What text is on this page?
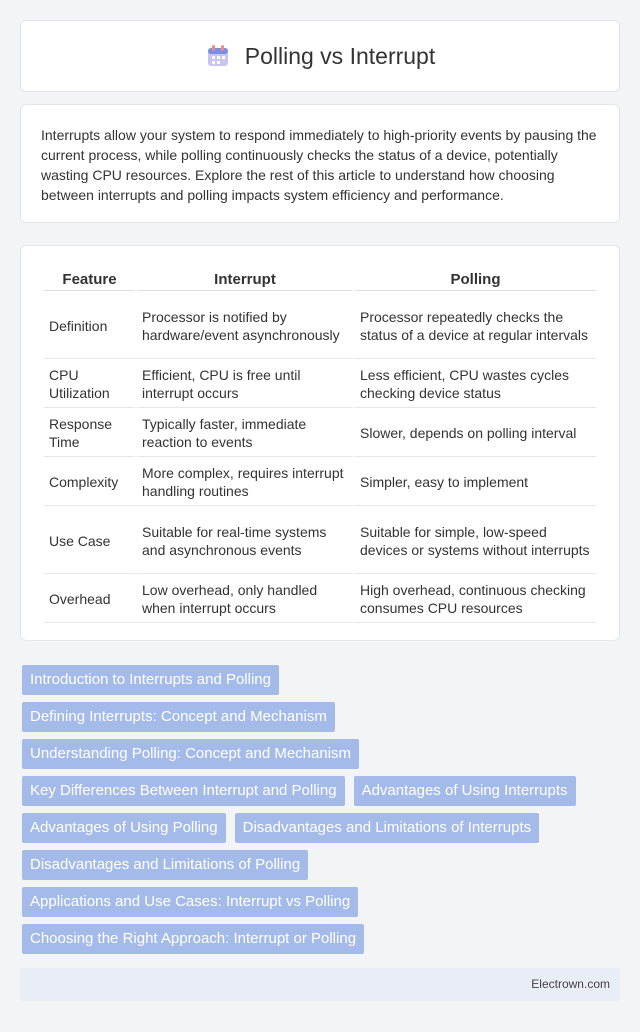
Polling vs Interrupt

Interrupts allow your system to respond immediately to high-priority events by pausing the current process, while polling continuously checks the status of a device, potentially wasting CPU resources. Explore the rest of this article to understand how choosing between interrupts and polling impacts system efficiency and performance.

Feature	Interrupt	Polling
Definition	Processor is notified by hardware/event asynchronously	Processor repeatedly checks the status of a device at regular intervals
CPU Utilization	Efficient, CPU is free until interrupt occurs	Less efficient, CPU wastes cycles checking device status
Response Time	Typically faster, immediate reaction to events	Slower, depends on polling interval
Complexity	More complex, requires interrupt handling routines	Simpler, easy to implement
Use Case	Suitable for real-time systems and asynchronous events	Suitable for simple, low-speed devices or systems without interrupts
Overhead	Low overhead, only handled when interrupt occurs	High overhead, continuous checking consumes CPU resources
Introduction to Interrupts and Polling
Defining Interrupts: Concept and Mechanism
Understanding Polling: Concept and Mechanism
Key Differences Between Interrupt and Polling	Advantages of Using Interrupts
Advantages of Using Polling	Disadvantages and Limitations of Interrupts
Disadvantages and Limitations of Polling
Applications and Use Cases: Interrupt vs Polling
Choosing the Right Approach: Interrupt or Polling
Electrown.com
